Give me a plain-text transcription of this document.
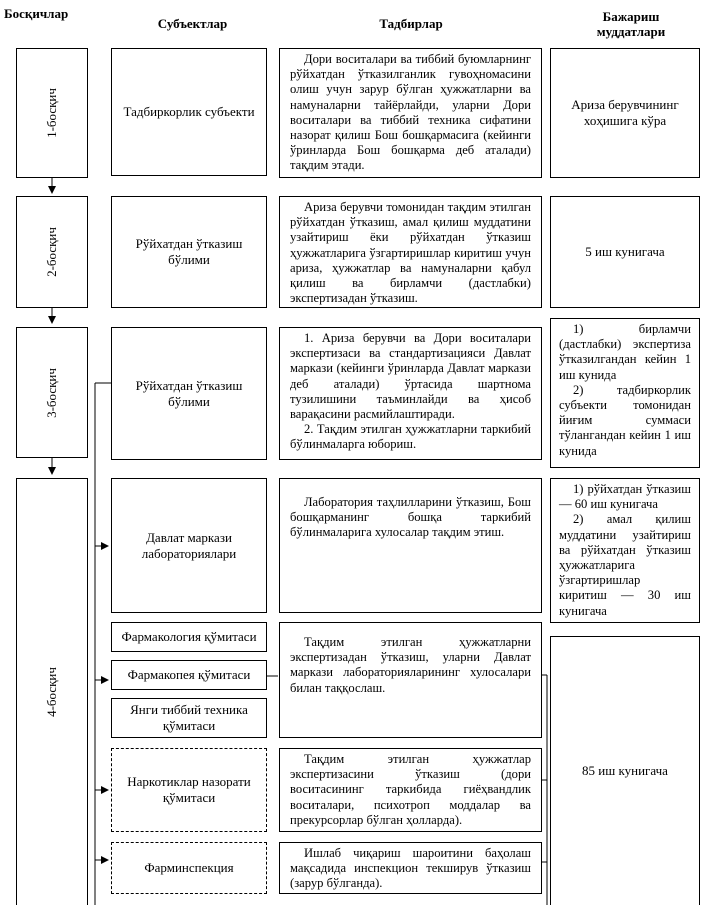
Босқичлар
Субъектлар	Тадбирлар	Бажариш муддатлари
1-босқич
2-босқич
3-босқич
4-босқич
Тадбиркорлик субъекти
Рўйхатдан ўтказиш бўлими
Рўйхатдан ўтказиш бўлими
Давлат маркази лабораториялари
Фармакология қўмитаси
Фармакопея қўмитаси
Янги тиббий техника қўмитаси
Наркотиклар назорати қўмитаси
Фарминспекция

Дори воситалари ва тиббий буюмларнинг рўйхатдан ўтказилганлик гувоҳномасини олиш учун зарур бўлган ҳужжатларни ва намуналарни тайёрлайди, уларни Дори воситалари ва тиббий техника сифатини назорат қилиш Бош бошқармасига (кейинги ўринларда Бош бошқарма деб аталади) тақдим этади.

Ариза берувчи томонидан тақдим этилган рўйхатдан ўтказиш, амал қилиш муддатини узайтириш ёки рўйхатдан ўтказиш ҳужжатларига ўзгартиришлар киритиш учун ариза, ҳужжатлар ва намуналарни қабул қилиш ва бирламчи (дастлабки) экспертизадан ўтказиш.

1. Ариза берувчи ва Дори воситалари экспертизаси ва стандартизацияси Давлат маркази (кейинги ўринларда Давлат маркази деб аталади) ўртасида шартнома тузилишини таъминлайди ва ҳисоб варақасини расмийлаштиради.

2. Тақдим этилган ҳужжатларни таркибий бўлинмаларга юбориш.

Лаборатория таҳлилларини ўтказиш, Бош бошқарманинг бошқа таркибий бўлинмаларига хулосалар тақдим этиш.

Тақдим этилган ҳужжатларни экспертизадан ўтказиш, уларни Давлат маркази лабораторияларининг хулосалари билан таққослаш.

Тақдим этилган ҳужжатлар экспертизасини ўтказиш (дори воситасининг таркибида гиёҳвандлик воситалари, психотроп моддалар ва прекурсорлар бўлган ҳолларда).

Ишлаб чиқариш шароитини баҳолаш мақсадида инспекцион текширув ўтказиш (зарур бўлганда).

Ариза берувчининг хоҳишига кўра
5 иш кунигача

1) бирламчи (дастлабки) экспертиза ўтказилгандан кейин 1 иш кунида

2) тадбиркорлик субъекти томонидан йиғим суммаси тўлангандан кейин 1 иш кунида

1) рўйхатдан ўтказиш — 60 иш кунигача

2) амал қилиш муддатини узайтириш ва рўйхатдан ўтказиш ҳужжатларига ўзгартиришлар киритиш — 30 иш кунигача

85 иш кунигача
